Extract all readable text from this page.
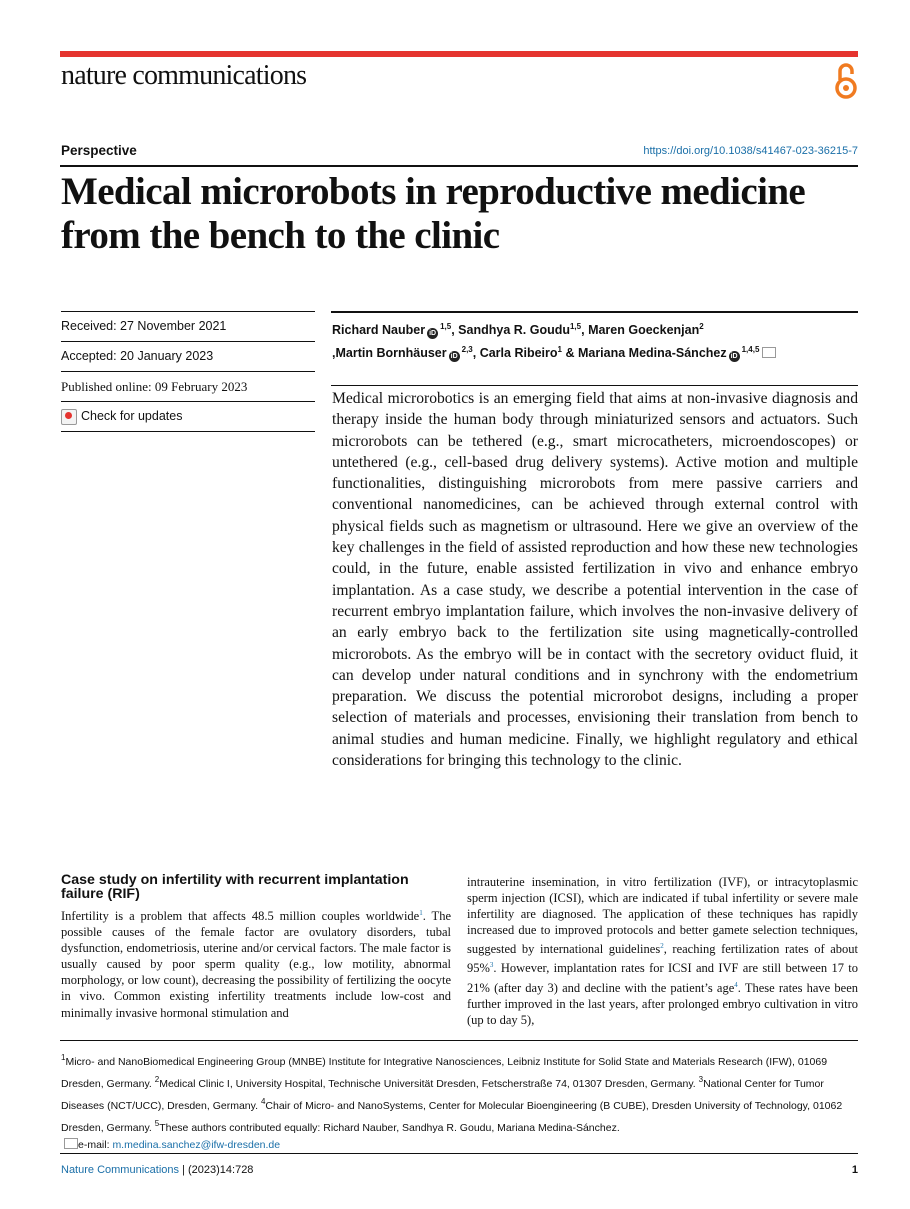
nature communications
Perspective	https://doi.org/10.1038/s41467-023-36215-7
Medical microrobots in reproductive medicine from the bench to the clinic
Received: 27 November 2021
Accepted: 20 January 2023
Published online: 09 February 2023
Check for updates
Richard Nauber iD$^{1,5}$, Sandhya R. Goudu$^{1,5}$, Maren Goeckenjan$^2$
,Martin Bornhäuser iD$^{2,3}$, Carla Ribeiro$^1$ & Mariana Medina-Sánchez iD$^{1,4,5}$

Medical microrobotics is an emerging field that aims at non-invasive diagnosis and therapy inside the human body through miniaturized sensors and actuators. Such microrobots can be tethered (e.g., smart microcatheters, microendoscopes) or untethered (e.g., cell-based drug delivery systems). Active motion and multiple functionalities, distinguishing microrobots from mere passive carriers and conventional nanomedicines, can be achieved through external control with physical fields such as magnetism or ultrasound. Here we give an overview of the key challenges in the field of assisted reproduction and how these new technologies could, in the future, enable assisted fertilization in vivo and enhance embryo implantation. As a case study, we describe a potential intervention in the case of recurrent embryo implantation failure, which involves the non-invasive delivery of an early embryo back to the fertilization site using magnetically-controlled microrobots. As the embryo will be in contact with the secretory oviduct fluid, it can develop under natural conditions and in synchrony with the endometrium preparation. We discuss the potential microrobot designs, including a proper selection of materials and processes, envisioning their translation from bench to animal studies and human medicine. Finally, we highlight regulatory and ethical considerations for bringing this technology to the clinic.

Case study on infertility with recurrent implantation failure (RIF)

Infertility is a problem that affects 48.5 million couples worldwide$^1$. The possible causes of the female factor are ovulatory disorders, tubal dysfunction, endometriosis, uterine and/or cervical factors. The male factor is usually caused by poor sperm quality (e.g., low motility, abnormal morphology, or low count), decreasing the possibility of fertilizing the oocyte in vivo. Common existing infertility treatments include low-cost and minimally invasive hormonal stimulation and

intrauterine insemination, in vitro fertilization (IVF), or intracytoplasmic sperm injection (ICSI), which are indicated if tubal infertility or severe male infertility are diagnosed. The application of these techniques has rapidly increased due to improved protocols and better gamete selection techniques, suggested by international guidelines$^2$, reaching fertilization rates of about 95%$^3$. However, implantation rates for ICSI and IVF are still between 17 to 21% (after day 3) and decline with the patient’s age$^4$. These rates have been further improved in the last years, after prolonged embryo cultivation in vitro (up to day 5),

$^1$Micro- and NanoBiomedical Engineering Group (MNBE) Institute for Integrative Nanosciences, Leibniz Institute for Solid State and Materials Research (IFW), 01069 Dresden, Germany. $^2$Medical Clinic I, University Hospital, Technische Universität Dresden, Fetscherstraße 74, 01307 Dresden, Germany. $^3$National Center for Tumor Diseases (NCT/UCC), Dresden, Germany. $^4$Chair of Micro- and NanoSystems, Center for Molecular Bioengineering (B CUBE), Dresden University of Technology, 01062 Dresden, Germany. $^5$These authors contributed equally: Richard Nauber, Sandhya R. Goudu, Mariana Medina-Sánchez.
e-mail: m.medina.sanchez@ifw-dresden.de

Nature Communications | (2023)14:728	1
